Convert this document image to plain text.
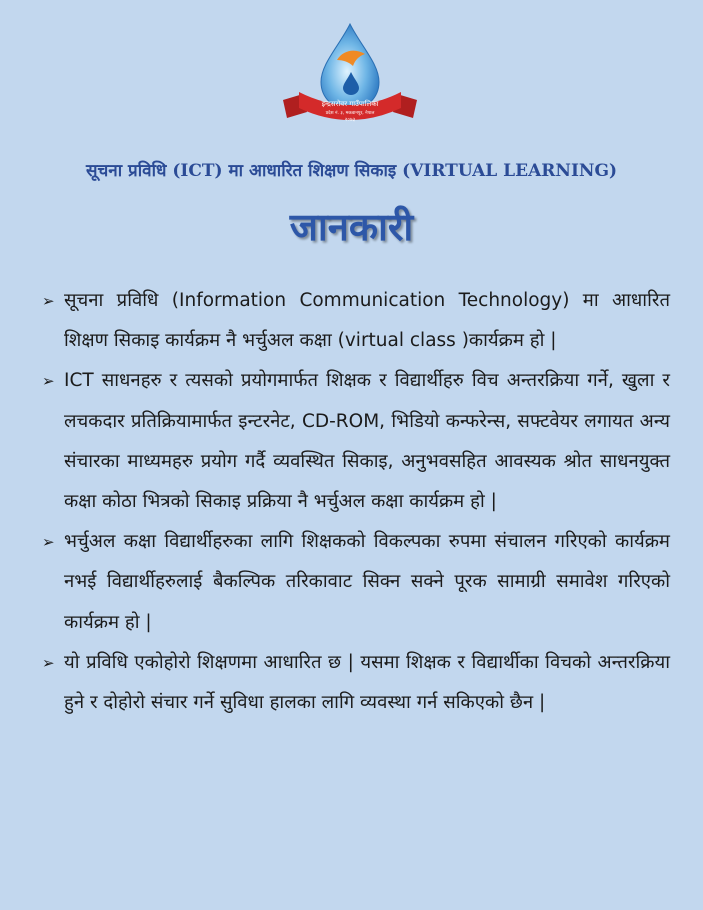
इन्द्रसरोवर गाउँपालिका
प्रदेश नं. ३, मकवानपुर, नेपाल
२०७३
सूचना प्रविधि (ICT) मा आधारित शिक्षण सिकाइ (VIRTUAL LEARNING)
जानकारी
➢ सूचना प्रविधि (Information Communication Technology) मा आधारित शिक्षण सिकाइ कार्यक्रम नै भर्चुअल कक्षा (virtual class )कार्यक्रम हो |
➢ ICT साधनहरु र त्यसको प्रयोगमार्फत शिक्षक र विद्यार्थीहरु विच अन्तरक्रिया गर्ने, खुला र लचकदार प्रतिक्रियामार्फत इन्टरनेट, CD-ROM, भिडियो कन्फरेन्स, सफ्टवेयर लगायत अन्य संचारका माध्यमहरु प्रयोग गर्दै व्यवस्थित सिकाइ, अनुभवसहित आवस्यक श्रोत साधनयुक्त कक्षा कोठा भित्रको सिकाइ प्रक्रिया नै भर्चुअल कक्षा कार्यक्रम हो |
➢ भर्चुअल कक्षा विद्यार्थीहरुका लागि शिक्षकको विकल्पका रुपमा संचालन गरिएको कार्यक्रम नभई विद्यार्थीहरुलाई बैकल्पिक तरिकावाट सिक्न सक्ने पूरक सामाग्री समावेश गरिएको कार्यक्रम हो |
➢ यो प्रविधि एकोहोरो शिक्षणमा आधारित छ | यसमा शिक्षक र विद्यार्थीका विचको अन्तरक्रिया हुने र दोहोरो संचार गर्ने सुविधा हालका लागि व्यवस्था गर्न सकिएको छैन |
